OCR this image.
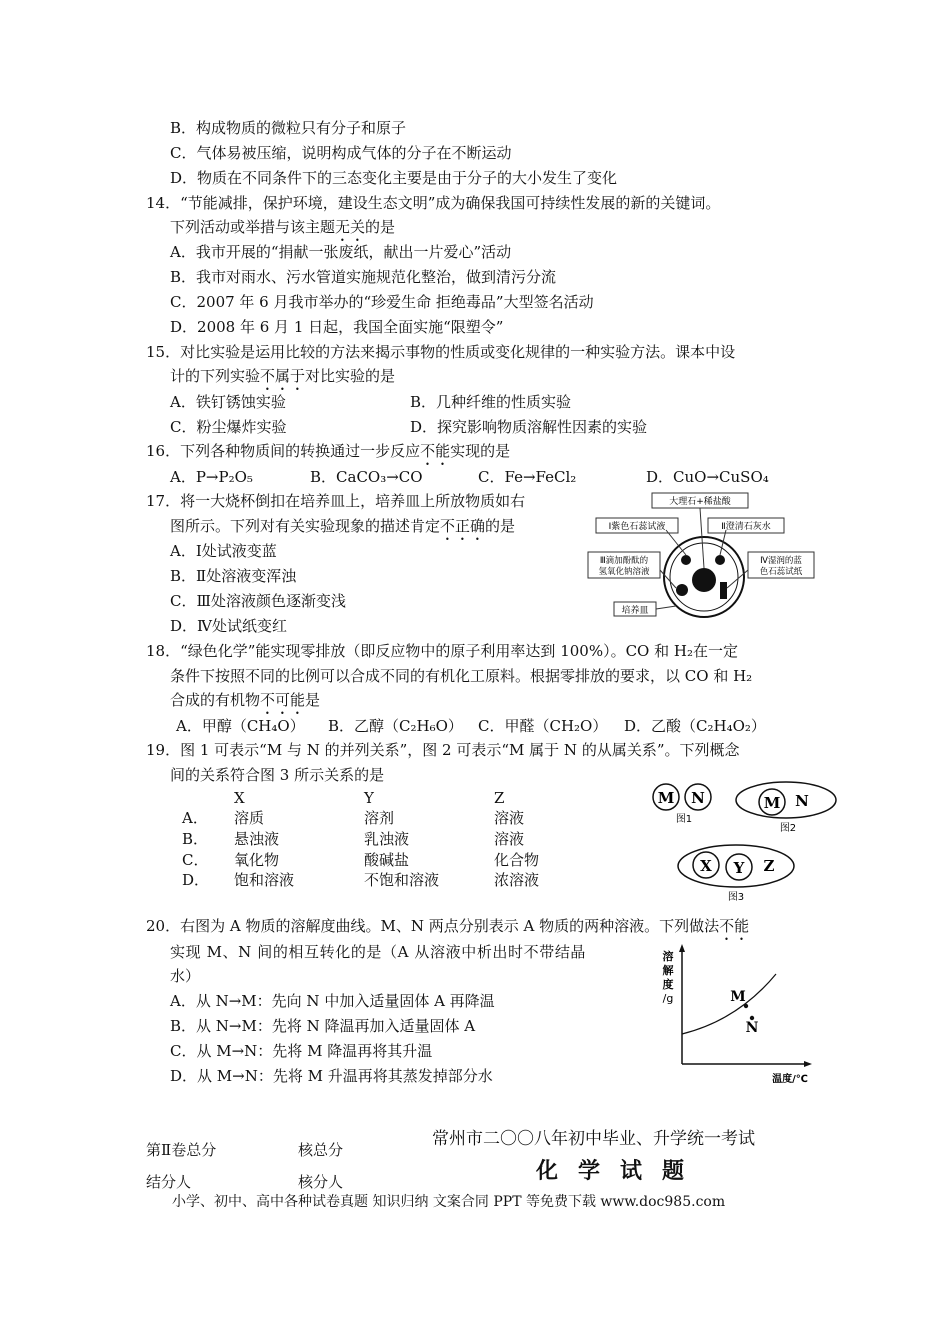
B．构成物质的微粒只有分子和原子
C．气体易被压缩，说明构成气体的分子在不断运动
D．物质在不同条件下的三态变化主要是由于分子的大小发生了变化
14．“节能减排，保护环境，建设生态文明”成为确保我国可持续性发展的新的关键词。
下列活动或举措与该主题无关的是
A．我市开展的“捐献一张废纸，献出一片爱心”活动
B．我市对雨水、污水管道实施规范化整治，做到清污分流
C．2007 年 6 月我市举办的“珍爱生命 拒绝毒品”大型签名活动
D．2008 年 6 月 1 日起，我国全面实施“限塑令”
15．对比实验是运用比较的方法来揭示事物的性质或变化规律的一种实验方法。课本中设
计的下列实验不属于对比实验的是
A．铁钉锈蚀实验	B．几种纤维的性质实验
C．粉尘爆炸实验	D．探究影响物质溶解性因素的实验
16．下列各种物质间的转换通过一步反应不能实现的是
A．P→P₂O₅	B．CaCO₃→CO	C．Fe→FeCl₂	D．CuO→CuSO₄
17．将一大烧杯倒扣在培养皿上，培养皿上所放物质如右
图所示。下列对有关实验现象的描述肯定不正确的是
A．Ⅰ处试液变蓝
B．Ⅱ处溶液变浑浊
C．Ⅲ处溶液颜色逐渐变浅
D．Ⅳ处试纸变红
大理石+稀盐酸
Ⅰ紫色石蕊试液	Ⅱ澄清石灰水
Ⅲ滴加酚酞的
氢氧化钠溶液
Ⅳ湿润的蓝
色石蕊试纸
培养皿
18．“绿色化学”能实现零排放（即反应物中的原子利用率达到 100%）。CO 和 H₂在一定
条件下按照不同的比例可以合成不同的有机化工原料。根据零排放的要求，以 CO 和 H₂
合成的有机物不可能是
A．甲醇（CH₄O） B．乙醇（C₂H₆O） C．甲醛（CH₂O） D．乙酸（C₂H₄O₂）
19．图 1 可表示“M 与 N 的并列关系”，图 2 可表示“M 属于 N 的从属关系”。下列概念
间的关系符合图 3 所示关系的是
X	Y	Z
A． 溶质	溶剂	溶液
B． 悬浊液	乳浊液	溶液
C． 氧化物	酸碱盐	化合物
D． 饱和溶液	不饱和溶液	浓溶液
M N
图1
M N
图2
X Y Z
图3
20．右图为 A 物质的溶解度曲线。M、N 两点分别表示 A 物质的两种溶液。下列做法不能
实现 M、N 间的相互转化的是（A 从溶液中析出时不带结晶
水）
A．从 N→M：先向 N 中加入适量固体 A 再降温
B．从 N→M：先将 N 降温再加入适量固体 A
C．从 M→N：先将 M 降温再将其升温
D．从 M→N：先将 M 升温再将其蒸发掉部分水
溶
解
度
/g	M
N
温度/℃
第Ⅱ卷总分	核总分
结分人	核分人
常州市二〇〇八年初中毕业、升学统一考试
化学试题
小学、初中、高中各种试卷真题 知识归纳 文案合同 PPT 等免费下载 www.doc985.com
